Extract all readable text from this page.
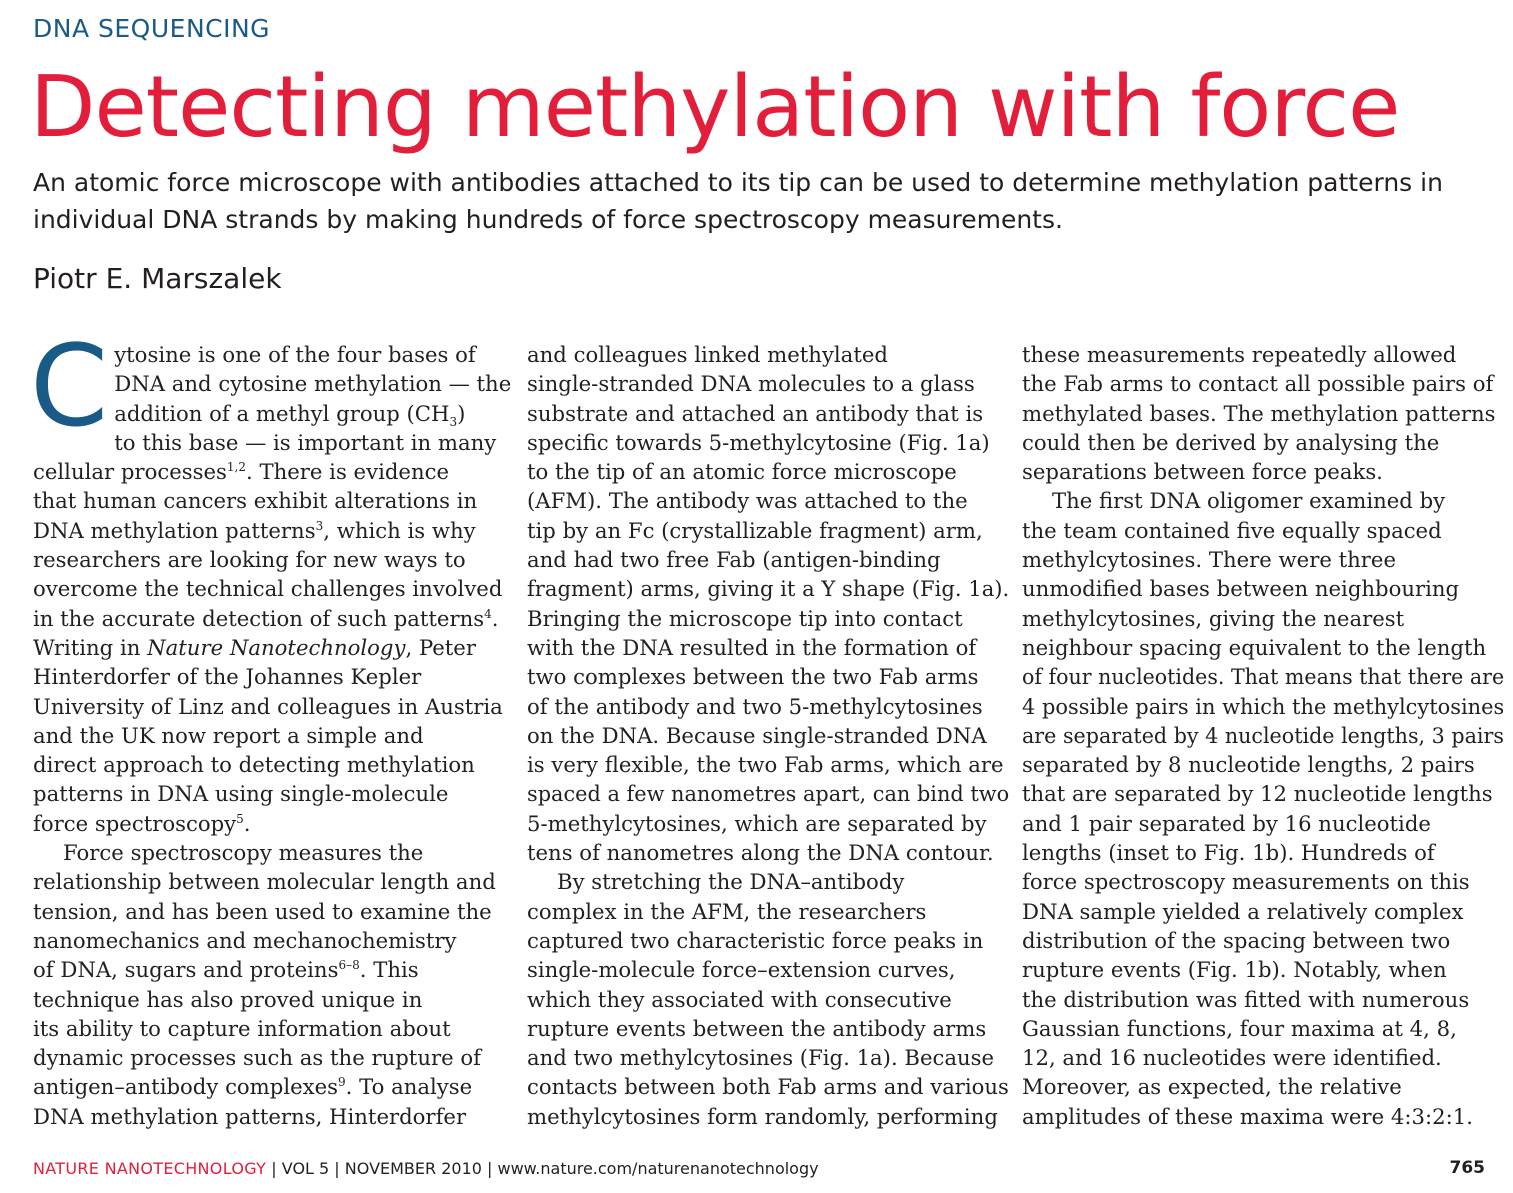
DNA SEQUENCING
Detecting methylation with force
An atomic force microscope with antibodies attached to its tip can be used to determine methylation patterns in individual DNA strands by making hundreds of force spectroscopy measurements.
Piotr E. Marszalek
C ytosine is one of the four bases of
DNA and cytosine methylation — the
addition of a methyl group $(CH_3)$
to this base — is important in many
cellular processes$^{1,2}$. There is evidence
that human cancers exhibit alterations in
DNA methylation patterns$^3$, which is why
researchers are looking for new ways to
overcome the technical challenges involved
in the accurate detection of such patterns$^4$.
Writing in Nature Nanotechnology, Peter
Hinterdorfer of the Johannes Kepler
University of Linz and colleagues in Austria
and the UK now report a simple and
direct approach to detecting methylation
patterns in DNA using single-molecule
force spectroscopy$^5$.
Force spectroscopy measures the
relationship between molecular length and
tension, and has been used to examine the
nanomechanics and mechanochemistry
of DNA, sugars and proteins$^{6-8}$. This
technique has also proved unique in
its ability to capture information about
dynamic processes such as the rupture of
antigen–antibody complexes$^9$. To analyse
DNA methylation patterns, Hinterdorfer
and colleagues linked methylated
single-stranded DNA molecules to a glass
substrate and attached an antibody that is
specific towards 5-methylcytosine (Fig. 1a)
to the tip of an atomic force microscope
(AFM). The antibody was attached to the
tip by an Fc (crystallizable fragment) arm,
and had two free Fab (antigen-binding
fragment) arms, giving it a Y shape (Fig. 1a).
Bringing the microscope tip into contact
with the DNA resulted in the formation of
two complexes between the two Fab arms
of the antibody and two 5-methylcytosines
on the DNA. Because single-stranded DNA
is very flexible, the two Fab arms, which are
spaced a few nanometres apart, can bind two
5-methylcytosines, which are separated by
tens of nanometres along the DNA contour.
By stretching the DNA–antibody
complex in the AFM, the researchers
captured two characteristic force peaks in
single-molecule force–extension curves,
which they associated with consecutive
rupture events between the antibody arms
and two methylcytosines (Fig. 1a). Because
contacts between both Fab arms and various
methylcytosines form randomly, performing
these measurements repeatedly allowed
the Fab arms to contact all possible pairs of
methylated bases. The methylation patterns
could then be derived by analysing the
separations between force peaks.
The first DNA oligomer examined by
the team contained five equally spaced
methylcytosines. There were three
unmodified bases between neighbouring
methylcytosines, giving the nearest
neighbour spacing equivalent to the length
of four nucleotides. That means that there are
4 possible pairs in which the methylcytosines
are separated by 4 nucleotide lengths, 3 pairs
separated by 8 nucleotide lengths, 2 pairs
that are separated by 12 nucleotide lengths
and 1 pair separated by 16 nucleotide
lengths (inset to Fig. 1b). Hundreds of
force spectroscopy measurements on this
DNA sample yielded a relatively complex
distribution of the spacing between two
rupture events (Fig. 1b). Notably, when
the distribution was fitted with numerous
Gaussian functions, four maxima at 4, 8,
12, and 16 nucleotides were identified.
Moreover, as expected, the relative
amplitudes of these maxima were 4:3:2:1.
NATURE NANOTECHNOLOGY | VOL 5 | NOVEMBER 2010 | www.nature.com/naturenanotechnology	765
